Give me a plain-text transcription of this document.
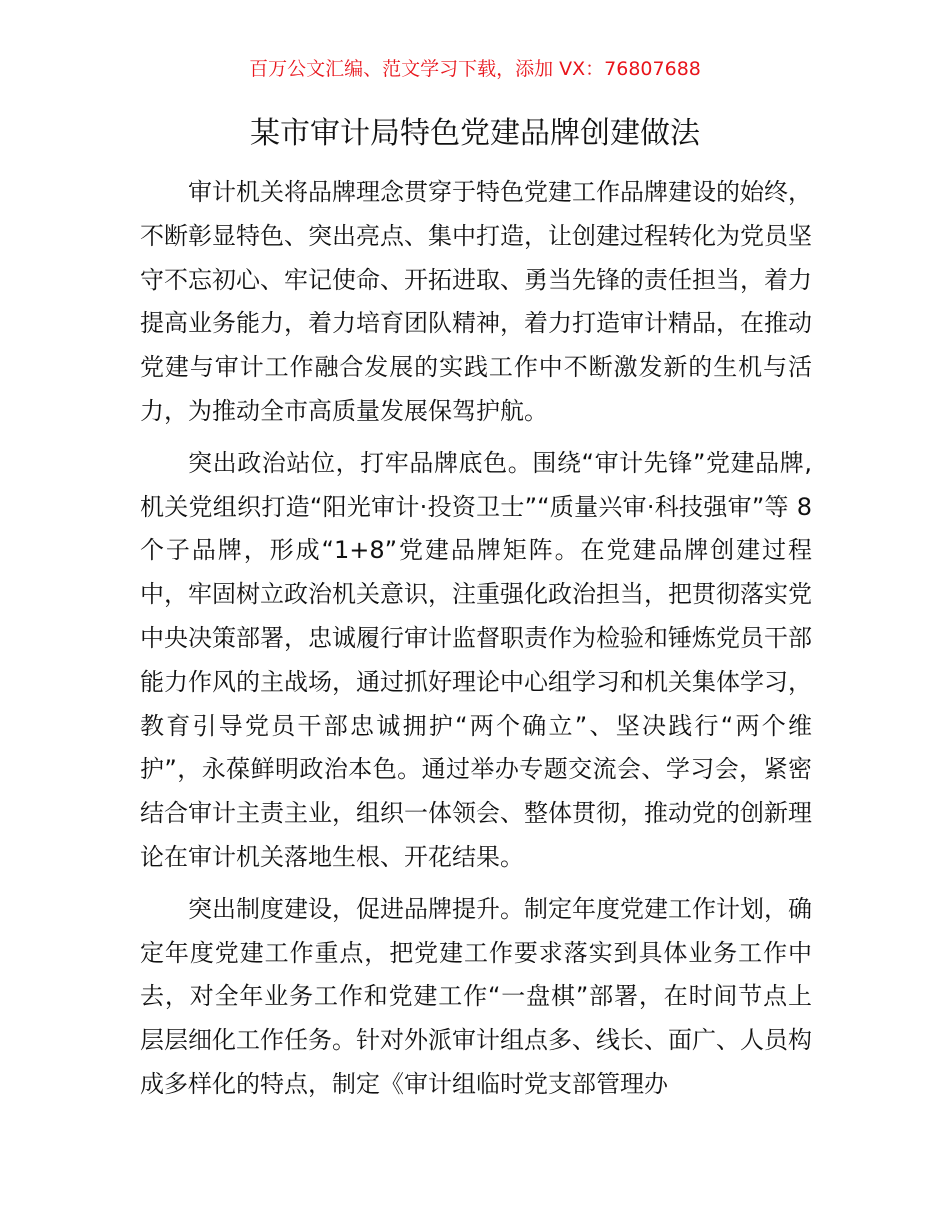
百万公文汇编、范文学习下载，添加 VX：76807688
某市审计局特色党建品牌创建做法

审计机关将品牌理念贯穿于特色党建工作品牌建设的始终，不断彰显特色、突出亮点、集中打造，让创建过程转化为党员坚守不忘初心、牢记使命、开拓进取、勇当先锋的责任担当，着力提高业务能力，着力培育团队精神，着力打造审计精品，在推动党建与审计工作融合发展的实践工作中不断激发新的生机与活力，为推动全市高质量发展保驾护航。

突出政治站位，打牢品牌底色。围绕“审计先锋”党建品牌,机关党组织打造“阳光审计·投资卫士”“质量兴审·科技强审”等 8 个子品牌，形成“1+8”党建品牌矩阵。在党建品牌创建过程中，牢固树立政治机关意识，注重强化政治担当，把贯彻落实党中央决策部署，忠诚履行审计监督职责作为检验和锤炼党员干部能力作风的主战场，通过抓好理论中心组学习和机关集体学习，教育引导党员干部忠诚拥护“两个确立”、坚决践行“两个维护”，永葆鲜明政治本色。通过举办专题交流会、学习会，紧密结合审计主责主业，组织一体领会、整体贯彻，推动党的创新理论在审计机关落地生根、开花结果。

突出制度建设，促进品牌提升。制定年度党建工作计划，确定年度党建工作重点，把党建工作要求落实到具体业务工作中去，对全年业务工作和党建工作“一盘棋”部署，在时间节点上层层细化工作任务。针对外派审计组点多、线长、面广、人员构成多样化的特点，制定《审计组临时党支部管理办
